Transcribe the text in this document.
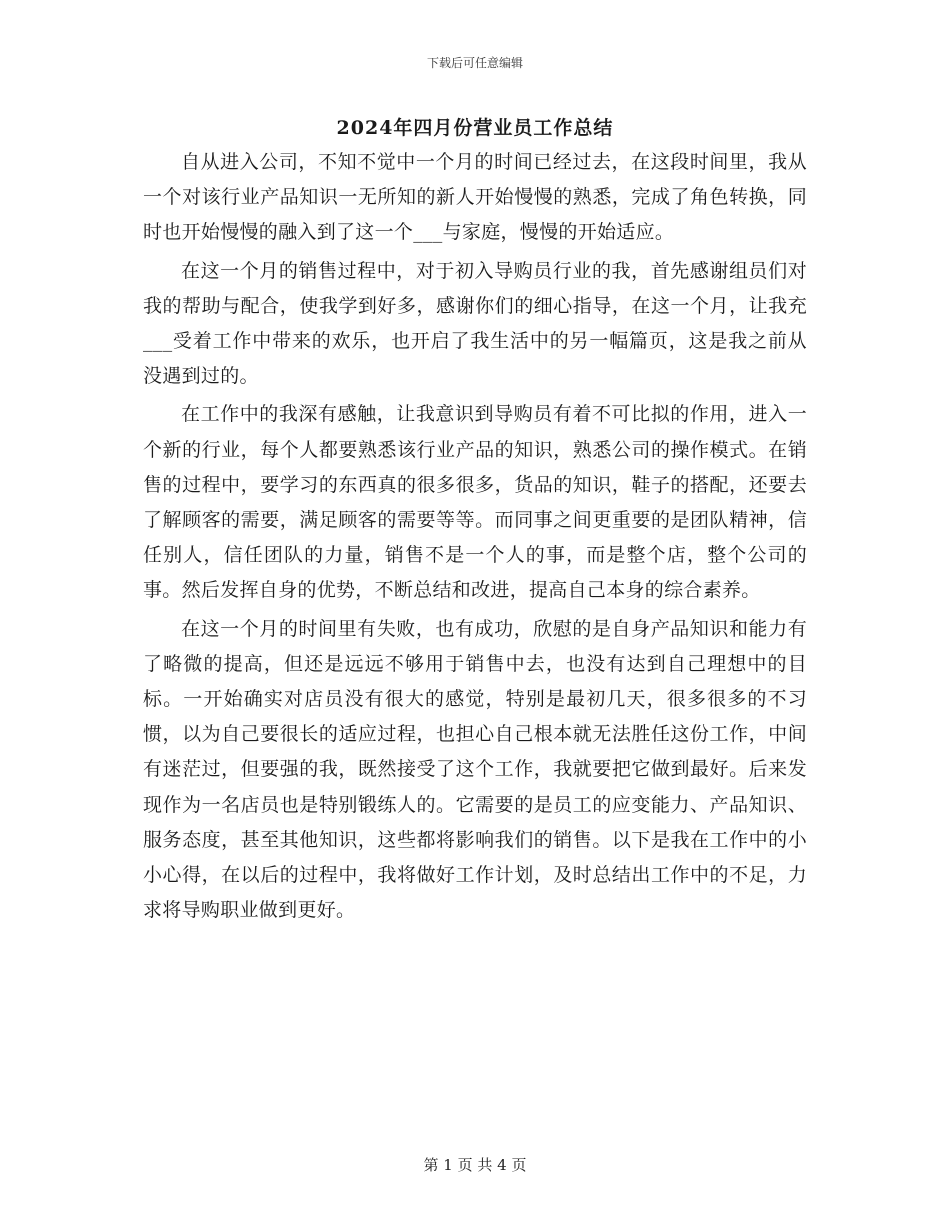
下载后可任意编辑
2024年四月份营业员工作总结

自从进入公司，不知不觉中一个月的时间已经过去，在这段时间里，我从一个对该行业产品知识一无所知的新人开始慢慢的熟悉，完成了角色转换，同时也开始慢慢的融入到了这一个___与家庭，慢慢的开始适应。

在这一个月的销售过程中，对于初入导购员行业的我，首先感谢组员们对我的帮助与配合，使我学到好多，感谢你们的细心指导，在这一个月，让我充___受着工作中带来的欢乐，也开启了我生活中的另一幅篇页，这是我之前从没遇到过的。

在工作中的我深有感触，让我意识到导购员有着不可比拟的作用，进入一个新的行业，每个人都要熟悉该行业产品的知识，熟悉公司的操作模式。在销售的过程中，要学习的东西真的很多很多，货品的知识，鞋子的搭配，还要去了解顾客的需要，满足顾客的需要等等。而同事之间更重要的是团队精神，信任别人，信任团队的力量，销售不是一个人的事，而是整个店，整个公司的事。然后发挥自身的优势，不断总结和改进，提高自己本身的综合素养。

在这一个月的时间里有失败，也有成功，欣慰的是自身产品知识和能力有了略微的提高，但还是远远不够用于销售中去，也没有达到自己理想中的目标。一开始确实对店员没有很大的感觉，特别是最初几天，很多很多的不习惯，以为自己要很长的适应过程，也担心自己根本就无法胜任这份工作，中间有迷茫过，但要强的我，既然接受了这个工作，我就要把它做到最好。后来发现作为一名店员也是特别锻练人的。它需要的是员工的应变能力、产品知识、服务态度，甚至其他知识，这些都将影响我们的销售。以下是我在工作中的小小心得，在以后的过程中，我将做好工作计划，及时总结出工作中的不足，力求将导购职业做到更好。

第 1 页 共 4 页
